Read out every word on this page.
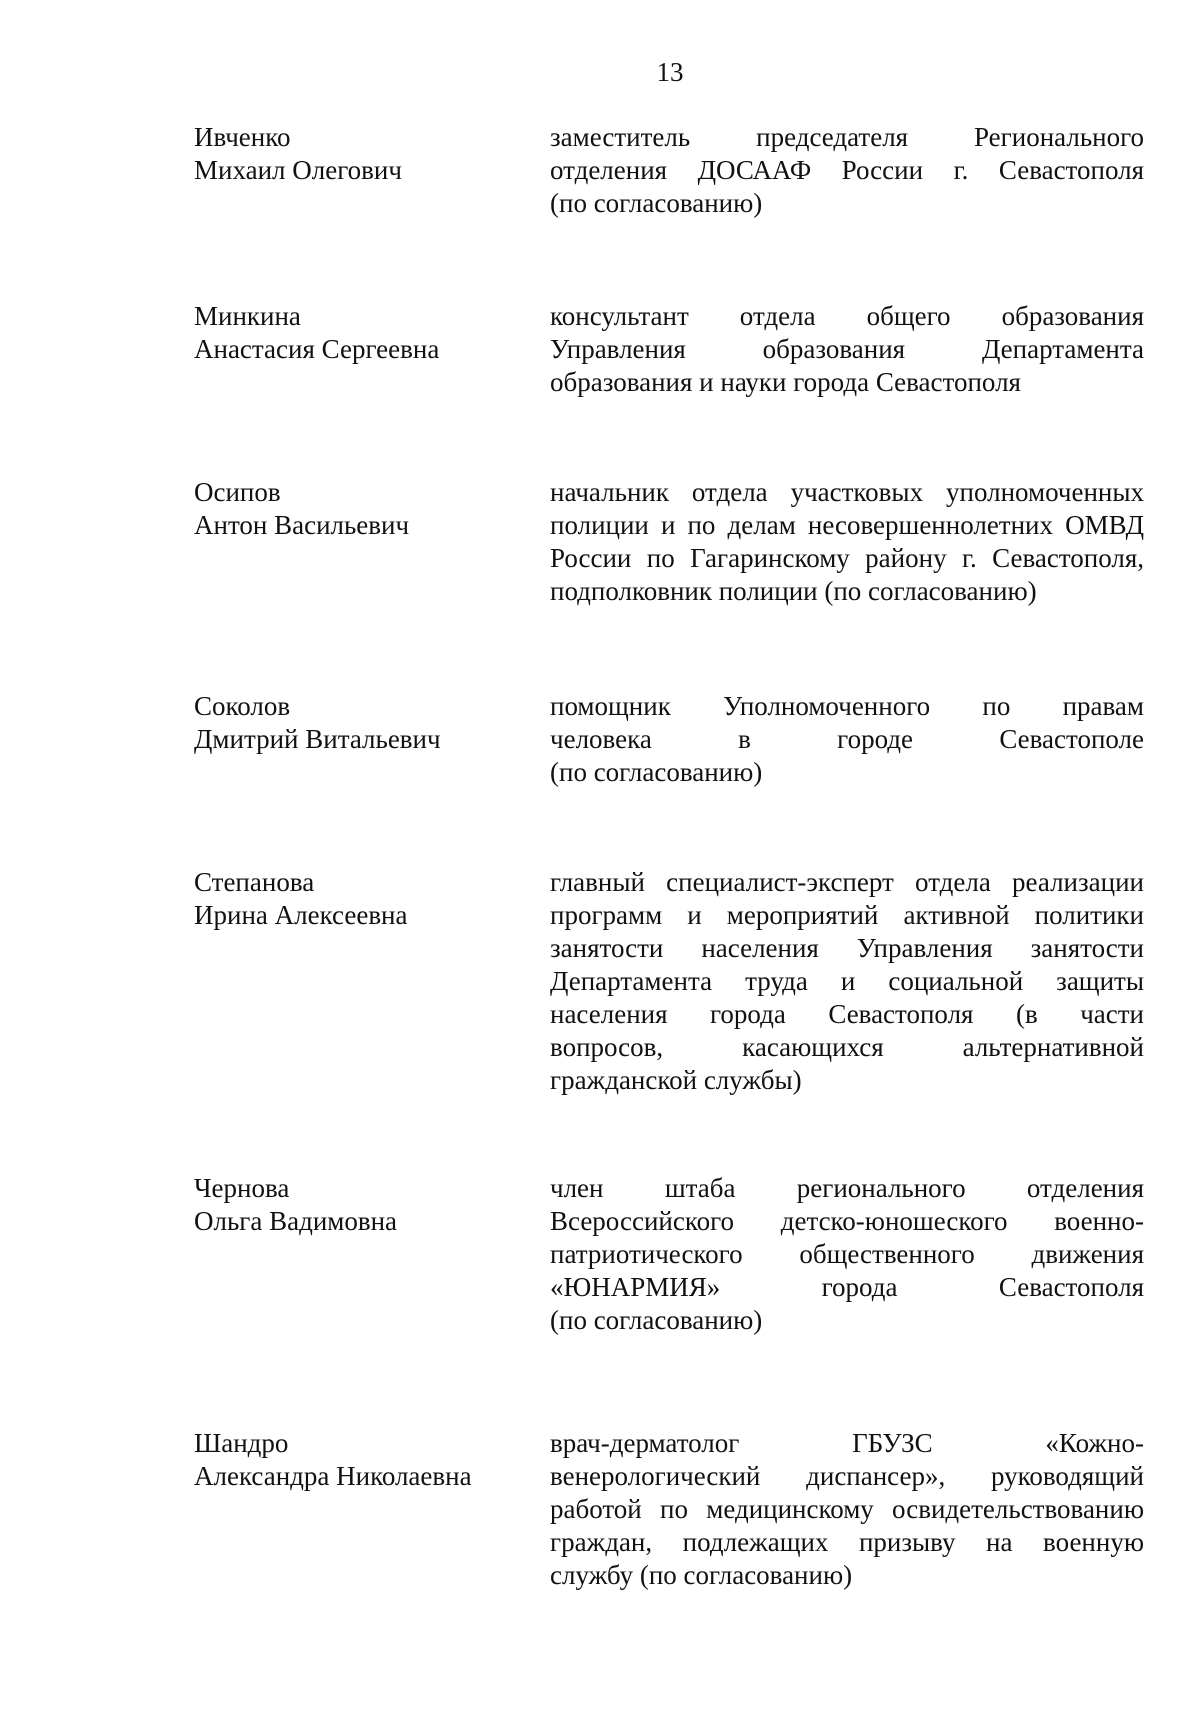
13
Ивченко
Михаил Олегович
заместитель председателя Регионального
отделения ДОСААФ России г. Севастополя
(по согласованию)
Минкина
Анастасия Сергеевна
консультант отдела общего образования
Управления образования Департамента
образования и науки города Севастополя
Осипов
Антон Васильевич
начальник отдела участковых уполномоченных
полиции и по делам несовершеннолетних ОМВД
России по Гагаринскому району г. Севастополя,
подполковник полиции (по согласованию)
Соколов
Дмитрий Витальевич
помощник Уполномоченного по правам
человека в городе Севастополе
(по согласованию)
Степанова
Ирина Алексеевна
главный специалист-эксперт отдела реализации
программ и мероприятий активной политики
занятости населения Управления занятости
Департамента труда и социальной защиты
населения города Севастополя (в части
вопросов, касающихся альтернативной
гражданской службы)
Чернова
Ольга Вадимовна
член штаба регионального отделения
Всероссийского детско-юношеского военно-
патриотического общественного движения
«ЮНАРМИЯ» города Севастополя
(по согласованию)
Шандро
Александра Николаевна
врач-дерматолог ГБУЗС «Кожно-
венерологический диспансер», руководящий
работой по медицинскому освидетельствованию
граждан, подлежащих призыву на военную
службу (по согласованию)
